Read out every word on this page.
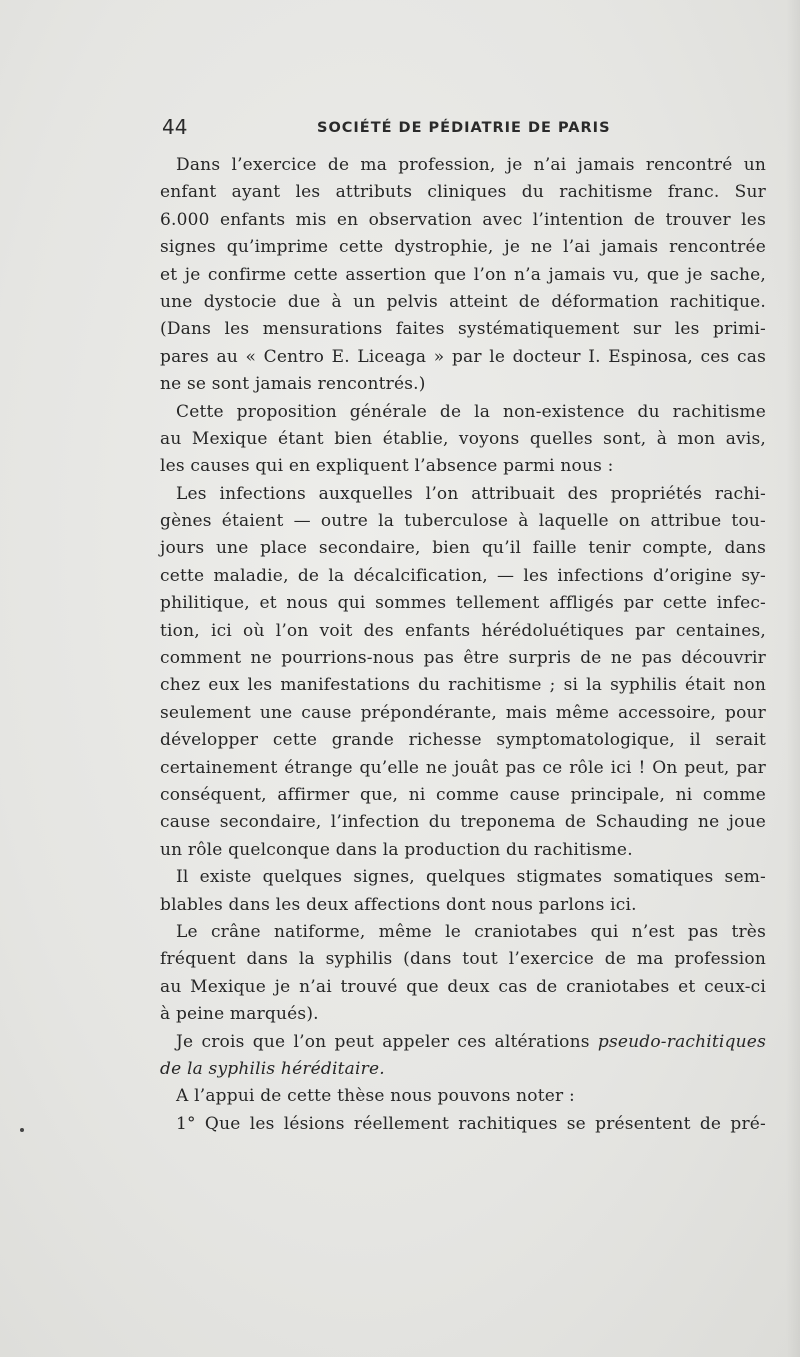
44	SOCIÉTÉ DE PÉDIATRIE DE PARIS
Dans l’exercice de ma profession, je n’ai jamais rencontré un
enfant ayant les attributs cliniques du rachitisme franc. Sur
6.000 enfants mis en observation avec l’intention de trouver les
signes qu’imprime cette dystrophie, je ne l’ai jamais rencontrée
et je confirme cette assertion que l’on n’a jamais vu, que je sache,
une dystocie due à un pelvis atteint de déformation rachitique.
(Dans les mensurations faites systématiquement sur les primi-
pares au « Centro E. Liceaga » par le docteur I. Espinosa, ces cas
ne se sont jamais rencontrés.)
Cette proposition générale de la non-existence du rachitisme
au Mexique étant bien établie, voyons quelles sont, à mon avis,
les causes qui en expliquent l’absence parmi nous :
Les infections auxquelles l’on attribuait des propriétés rachi-
gènes étaient — outre la tuberculose à laquelle on attribue tou-
jours une place secondaire, bien qu’il faille tenir compte, dans
cette maladie, de la décalcification, — les infections d’origine sy-
philitique, et nous qui sommes tellement affligés par cette infec-
tion, ici où l’on voit des enfants hérédoluétiques par centaines,
comment ne pourrions-nous pas être surpris de ne pas découvrir
chez eux les manifestations du rachitisme ; si la syphilis était non
seulement une cause prépondérante, mais même accessoire, pour
développer cette grande richesse symptomatologique, il serait
certainement étrange qu’elle ne jouât pas ce rôle ici ! On peut, par
conséquent, affirmer que, ni comme cause principale, ni comme
cause secondaire, l’infection du treponema de Schauding ne joue
un rôle quelconque dans la production du rachitisme.
Il existe quelques signes, quelques stigmates somatiques sem-
blables dans les deux affections dont nous parlons ici.
Le crâne natiforme, même le craniotabes qui n’est pas très
fréquent dans la syphilis (dans tout l’exercice de ma profession
au Mexique je n’ai trouvé que deux cas de craniotabes et ceux-ci
à peine marqués).
Je crois que l’on peut appeler ces altérations pseudo-rachitiques
de la syphilis héréditaire.
A l’appui de cette thèse nous pouvons noter :
1° Que les lésions réellement rachitiques se présentent de pré-
